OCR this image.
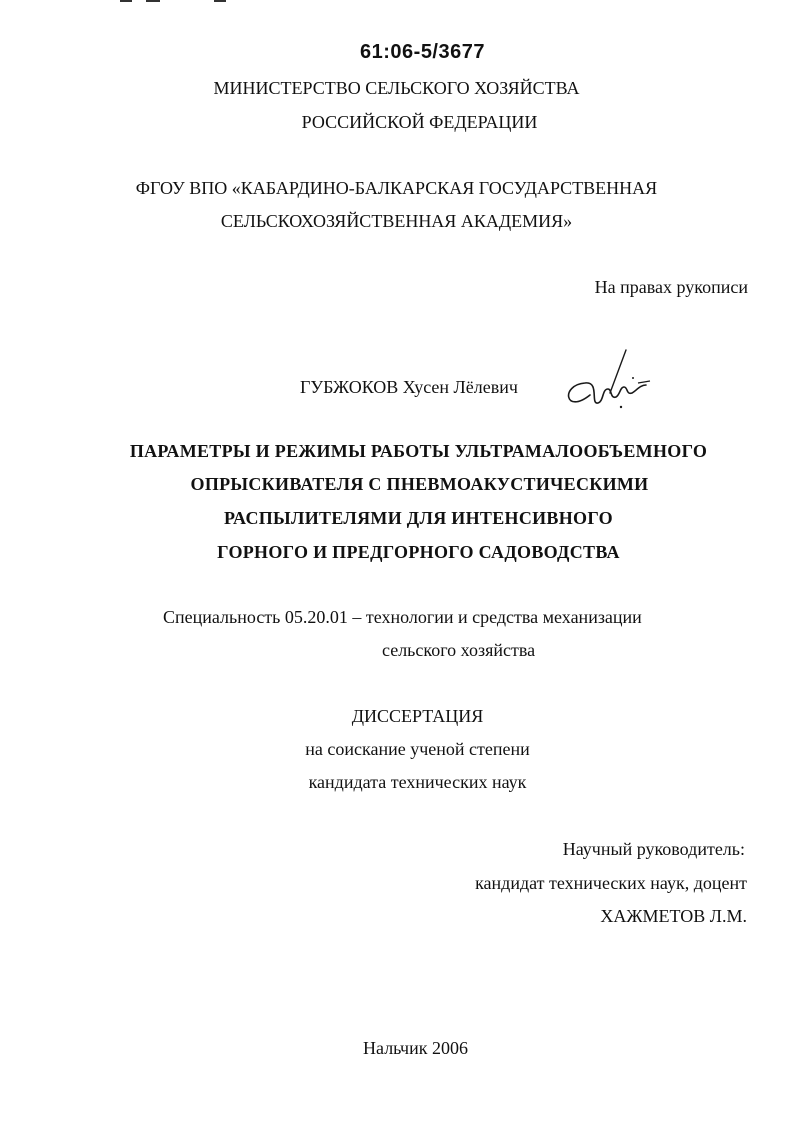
61:06-5/3677
МИНИСТЕРСТВО СЕЛЬСКОГО ХОЗЯЙСТВА
РОССИЙСКОЙ ФЕДЕРАЦИИ
ФГОУ ВПО «КАБАРДИНО-БАЛКАРСКАЯ ГОСУДАРСТВЕННАЯ
СЕЛЬСКОХОЗЯЙСТВЕННАЯ АКАДЕМИЯ»
На правах рукописи
ГУБЖОКОВ Хусен Лёлевич
ПАРАМЕТРЫ И РЕЖИМЫ РАБОТЫ УЛЬТРАМАЛООБЪЕМНОГО
ОПРЫСКИВАТЕЛЯ С ПНЕВМОАКУСТИЧЕСКИМИ
РАСПЫЛИТЕЛЯМИ ДЛЯ ИНТЕНСИВНОГО
ГОРНОГО И ПРЕДГОРНОГО САДОВОДСТВА
Специальность 05.20.01 – технологии и средства механизации
сельского хозяйства
ДИССЕРТАЦИЯ
на соискание ученой степени
кандидата технических наук
Научный руководитель:
кандидат технических наук, доцент
ХАЖМЕТОВ Л.М.
Нальчик 2006
